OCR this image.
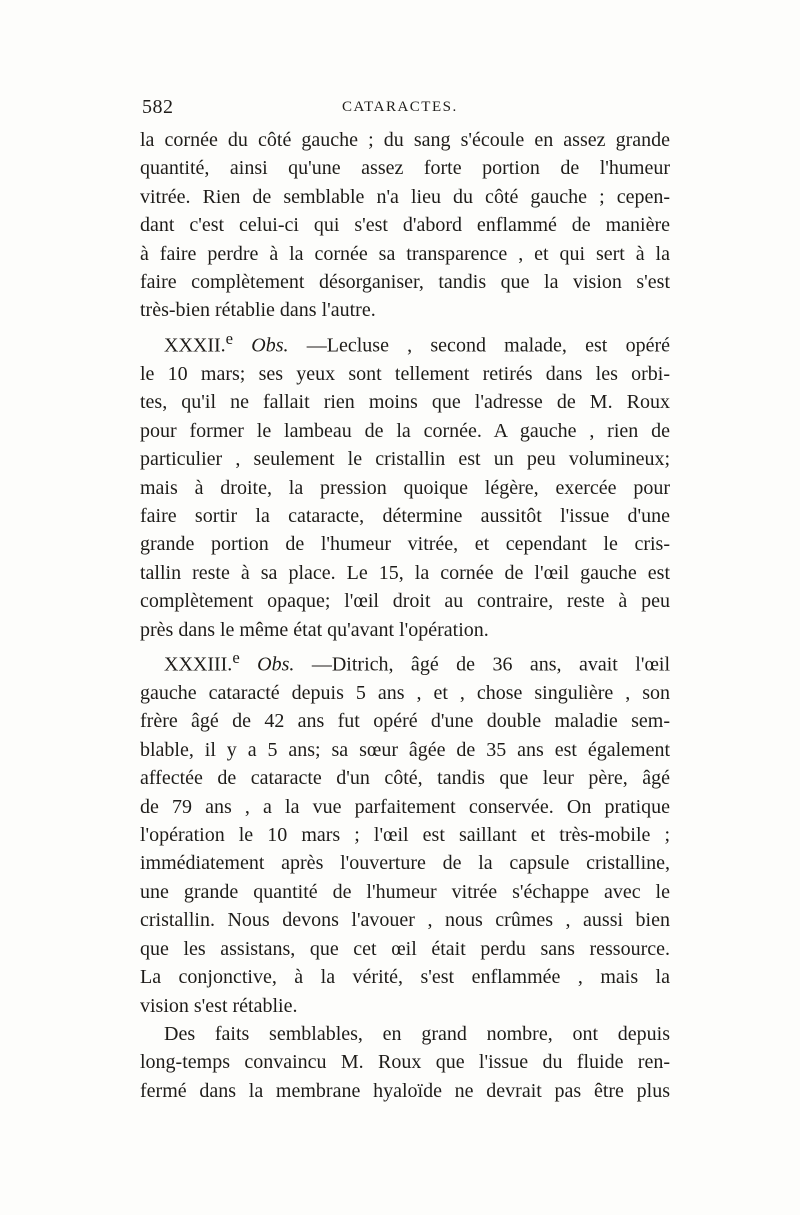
582	CATARACTES.
la cornée du côté gauche ; du sang s'écoule en assez grande
quantité, ainsi qu'une assez forte portion de l'humeur
vitrée. Rien de semblable n'a lieu du côté gauche ; cepen-
dant c'est celui-ci qui s'est d'abord enflammé de manière
à faire perdre à la cornée sa transparence , et qui sert à la
faire complètement désorganiser, tandis que la vision s'est
très-bien rétablie dans l'autre.
XXXII.$^e$ Obs. —Lecluse , second malade, est opéré
le 10 mars; ses yeux sont tellement retirés dans les orbi-
tes, qu'il ne fallait rien moins que l'adresse de M. Roux
pour former le lambeau de la cornée. A gauche , rien de
particulier , seulement le cristallin est un peu volumineux;
mais à droite, la pression quoique légère, exercée pour
faire sortir la cataracte, détermine aussitôt l'issue d'une
grande portion de l'humeur vitrée, et cependant le cris-
tallin reste à sa place. Le 15, la cornée de l'œil gauche est
complètement opaque; l'œil droit au contraire, reste à peu
près dans le même état qu'avant l'opération.
XXXIII.$^e$ Obs. —Ditrich, âgé de 36 ans, avait l'œil
gauche cataracté depuis 5 ans , et , chose singulière , son
frère âgé de 42 ans fut opéré d'une double maladie sem-
blable, il y a 5 ans; sa sœur âgée de 35 ans est également
affectée de cataracte d'un côté, tandis que leur père, âgé
de 79 ans , a la vue parfaitement conservée. On pratique
l'opération le 10 mars ; l'œil est saillant et très-mobile ;
immédiatement après l'ouverture de la capsule cristalline,
une grande quantité de l'humeur vitrée s'échappe avec le
cristallin. Nous devons l'avouer , nous crûmes , aussi bien
que les assistans, que cet œil était perdu sans ressource.
La conjonctive, à la vérité, s'est enflammée , mais la
vision s'est rétablie.
Des faits semblables, en grand nombre, ont depuis
long-temps convaincu M. Roux que l'issue du fluide ren-
fermé dans la membrane hyaloïde ne devrait pas être plus
